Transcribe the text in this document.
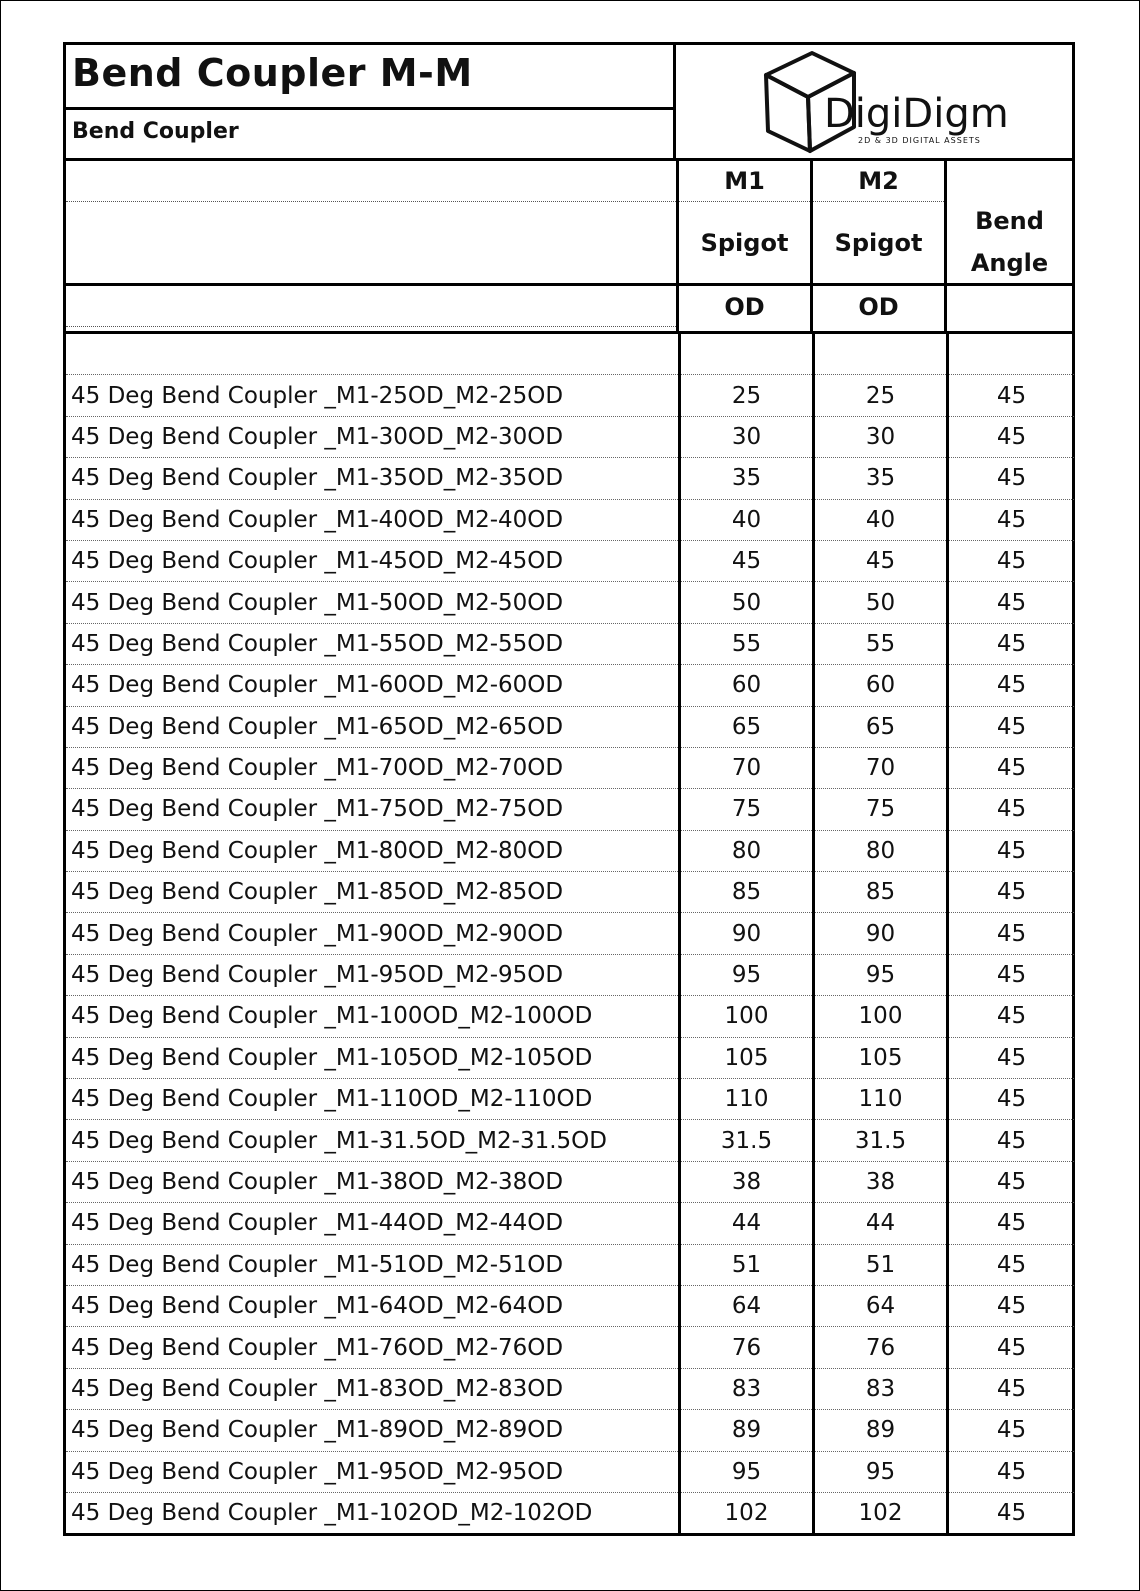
Bend Coupler M-M
Bend Coupler	DigiDigm
2D & 3D DIGITAL ASSETS
M1
Spigot
OD
M2
Spigot
OD
Bend
Angle

45 Deg Bend Coupler _M1-25OD_M2-25OD	25	25	45
45 Deg Bend Coupler _M1-30OD_M2-30OD	30	30	45
45 Deg Bend Coupler _M1-35OD_M2-35OD	35	35	45
45 Deg Bend Coupler _M1-40OD_M2-40OD	40	40	45
45 Deg Bend Coupler _M1-45OD_M2-45OD	45	45	45
45 Deg Bend Coupler _M1-50OD_M2-50OD	50	50	45
45 Deg Bend Coupler _M1-55OD_M2-55OD	55	55	45
45 Deg Bend Coupler _M1-60OD_M2-60OD	60	60	45
45 Deg Bend Coupler _M1-65OD_M2-65OD	65	65	45
45 Deg Bend Coupler _M1-70OD_M2-70OD	70	70	45
45 Deg Bend Coupler _M1-75OD_M2-75OD	75	75	45
45 Deg Bend Coupler _M1-80OD_M2-80OD	80	80	45
45 Deg Bend Coupler _M1-85OD_M2-85OD	85	85	45
45 Deg Bend Coupler _M1-90OD_M2-90OD	90	90	45
45 Deg Bend Coupler _M1-95OD_M2-95OD	95	95	45
45 Deg Bend Coupler _M1-100OD_M2-100OD	100	100	45
45 Deg Bend Coupler _M1-105OD_M2-105OD	105	105	45
45 Deg Bend Coupler _M1-110OD_M2-110OD	110	110	45
45 Deg Bend Coupler _M1-31.5OD_M2-31.5OD	31.5	31.5	45
45 Deg Bend Coupler _M1-38OD_M2-38OD	38	38	45
45 Deg Bend Coupler _M1-44OD_M2-44OD	44	44	45
45 Deg Bend Coupler _M1-51OD_M2-51OD	51	51	45
45 Deg Bend Coupler _M1-64OD_M2-64OD	64	64	45
45 Deg Bend Coupler _M1-76OD_M2-76OD	76	76	45
45 Deg Bend Coupler _M1-83OD_M2-83OD	83	83	45
45 Deg Bend Coupler _M1-89OD_M2-89OD	89	89	45
45 Deg Bend Coupler _M1-95OD_M2-95OD	95	95	45
45 Deg Bend Coupler _M1-102OD_M2-102OD	102	102	45
